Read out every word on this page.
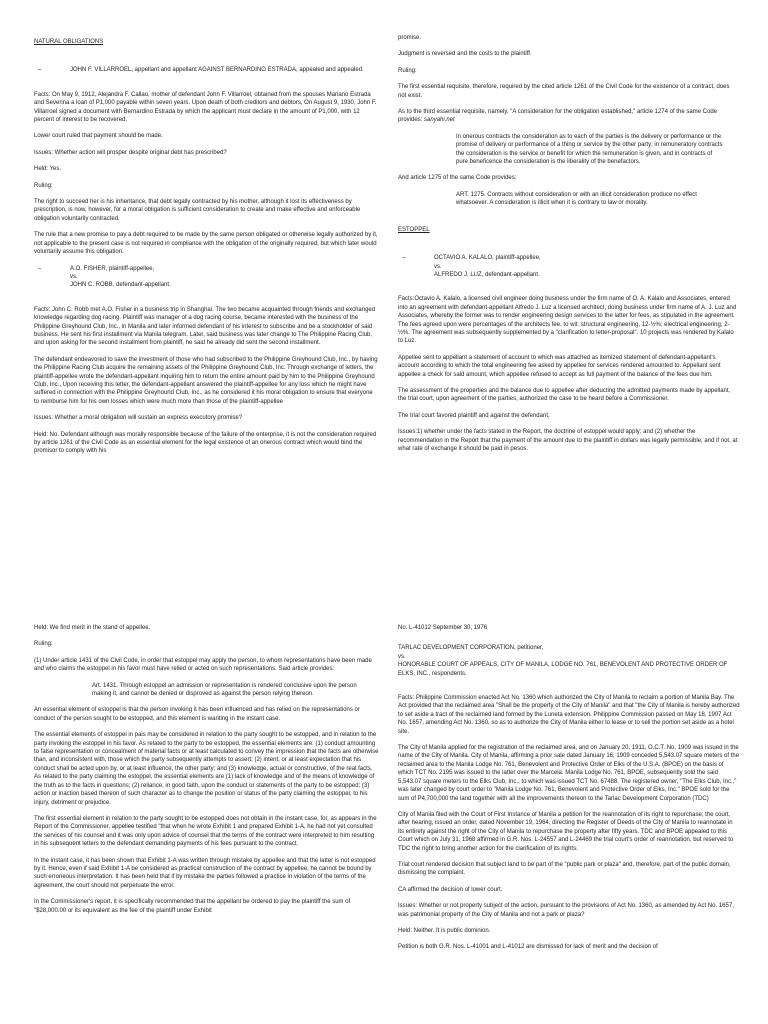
NATURAL OBLIGATIONS

–	JOHN F. VILLARROEL, appellant and appellant AGAINST BERNARDINO ESTRADA, appealed and appealed.

Facts: On May 9, 1912, Alejandra F. Callao, mother of defendant John F. Villarroel, obtained from the spouses Mariano Estrada and Severina a loan of P1,000 payable within seven years. Upon death of both creditors and debtors, On August 9, 1930, John F. Villarroel signed a document with Bernardino Estrada by which the applicant must declare in the amount of P1,000, with 12 percent of interest to be recovered.

Lower court ruled that payment should be made.

Issues: Whether action will prosper despite original debt has prescribed?

Held: Yes.

Ruling:

The right to succeed her is his inheritance, that debt legally contracted by his mother, although it lost its effectiveness by prescription, is now, however, for a moral obligation is sufficient consideration to create and make effective and enforceable obligation voluntarily contracted.

The rule that a new promise to pay a debt required to be made by the same person obligated or otherwise legally authorized by it, not applicable to the present case is not required in compliance with the obligation of the originally required, but which later would voluntarily assume this obligation.

–	A.O. FISHER, plaintiff-appellee,
vs.
JOHN C. ROBB, defendant-appellant.

Facts: John C. Robb met A.O. Fisher in a business trip in Shanghai. The two became acquainted through friends and exchanged knowledge regarding dog racing. Plaintiff was manager of a dog racing course, became interested with the business of the Philippine Greyhound Club, Inc., in Manila and later informed defendant of his interest to subscribe and be a stockholder of said business. He sent his first installment via Manila telegram. Later, said business was later change to The Philippine Racing Club, and upon asking for the second installment from plaintiff, he said he already did sent the second installment.

The defendant endeavored to save the investment of those who had subscribed to the Philippine Greyhound Club, Inc., by having the Philippine Racing Club acquire the remaining assets of the Philippine Greyhound Club, Inc. Through exchange of letters, the plaintiff-appellee wrote the defendant-appellant inquiring him to return the entire amount paid by him to the Philippine Greyhound Club, Inc., Upon receiving this letter, the defendant-appellant answered the plaintiff-appellee for any loss which he might have suffered in connection with the Philippine Greyhound Club, Inc., as he considered it his moral obligation to ensure that everyone to reimburse him for his own losses which were much more than those of the plaintiff-appellee

Issues: Whether a moral obligation will sustain an express executory promise?

Held: No. Defendant although was morally responsible because of the failure of the enterprise, it is not the consideration required by article 1261 of the Civil Code as an essential element for the legal existence of an onerous contract which would bind the promisor to comply with his

promise.

Judgment is reversed and the costs to the plaintiff.

Ruling:

The first essential requisite, therefore, required by the cited article 1261 of the Civil Code for the existence of a contract, does not exist.

As to the third essential requisite, namely, "A consideration for the obligation established," article 1274 of the same Code provides: sanyahi.net

In onerous contracts the consideration as to each of the parties is the delivery or performance or the promise of delivery or performance of a thing or service by the other party; in remuneratory contracts the consideration is the service or benefit for which the remuneration is given, and in contracts of pure beneficence the consideration is the liberality of the benefactors.

And article 1275 of the same Code provides:

ART. 1275. Contracts without consideration or with an illicit consideration produce no effect whatsoever. A consideration is illicit when it is contrary to law or morality.

ESTOPPEL

–	OCTAVIO A. KALALO, plaintiff-appellee,
vs.
ALFREDO J. LUZ, defendant-appellant.

Facts:Octavio A. Kalalo, a licensed civil engineer doing business under the firm name of O. A. Kalalo and Associates, entered into an agreement with defendant-appellant Alfredo J. Luz a licensed architect, doing business under firm name of A. J. Luz and Associates, whereby the former was to render engineering design services to the latter for fees, as stipulated in the agreement. The fees agreed upon were percentages of the architects fee, to wit: structural engineering, 12-½%; electrical engineering, 2-½%. The agreement was subsequently supplemented by a "clarification to letter-proposal". 10 projects was rendered by Kalalo to Luz.

Appellee sent to appellant a statement of account to which was attached as itemized statement of defendant-appellant's account according to which the total engineering fee asked by appellee for services rendered amounted to. Appellant sent appellee a check for said amount, which appellee refused to accept as full payment of the balance of the fees due him.

The assessment of the properties and the balance due to appellee after deducting the admitted payments made by appellant, the trial court, upon agreement of the parties, authorized the case to be heard before a Commissioner.

The trial court favored plaintiff and against the defendant,

Issues:1) whether under the facts stated in the Report, the doctrine of estoppel would apply; and (2) whether the recommendation in the Report that the payment of the amount due to the plaintiff in dollars was legally permissible, and if not, at what rate of exchange it should be paid in pesos.

Held: We find merit in the stand of appellee.

Ruling:

(1) Under article 1431 of the Civil Code, in order that estoppel may apply the person, to whom representations have been made and who claims the estoppel in his favor must have relied or acted on such representations. Said article provides:

Art. 1431. Through estoppel an admission or representation is rendered conclusive upon the person making it, and cannot be denied or disproved as against the person relying thereon.

An essential element of estoppel is that the person invoking it has been influenced and has relied on the representations or conduct of the person sought to be estopped, and this element is wanting in the instant case.

The essential elements of estoppel in pais may be considered in relation to the party sought to be estopped, and in relation to the party invoking the estoppel in his favor. As related to the party to be estopped, the essential elements are: (1) conduct amounting to false representation or concealment of material facts or at least calculated to convey the impression that the facts are otherwise than, and inconsistent with, those which the party subsequently attempts to assert; (2) intent, or at least expectation that his conduct shall be acted upon by, or at least influence, the other party; and (3) knowledge, actual or constructive, of the real facts. As related to the party claiming the estoppel, the essential elements are (1) lack of knowledge and of the means of knowledge of the truth as to the facts in questions; (2) reliance, in good faith, upon the conduct or statements of the party to be estopped; (3) action or inaction based thereon of such character as to change the position or status of the party claiming the estoppel, to his injury, detriment or prejudice.

The first essential element in relation to the party sought to be estopped does not obtain in the instant case, for, as appears in the Report of the Commissioner, appellee testified "that when he wrote Exhibit 1 and prepared Exhibit 1-A, he had not yet consulted the services of his counsel and it was only upon advice of counsel that the terms of the contract were interpreted to him resulting in his subsequent letters to the defendant demanding payments of his fees pursuant to the contract.

In the instant case, it has been shown that Exhibit 1-A was written through mistake by appellee and that the latter is not estopped by it. Hence, even if said Exhibit 1-A be considered as practical construction of the contract by appellee, he cannot be bound by such erroneous interpretation. It has been held that if by mistake the parties followed a practice in violation of the terms of the agreement, the court should not perpetuate the error.

In the Commissioner's report, it is specifically recommended that the appellant be ordered to pay the plaintiff the sum of "$28,000.00 or its equivalent as the fee of the plaintiff under Exhibit

No. L-41012 September 30, 1976

TARLAC DEVELOPMENT CORPORATION, petitioner,
vs.
HONORABLE COURT OF APPEALS, CITY OF MANILA, LODGE NO. 761, BENEVOLENT AND PROTECTIVE ORDER OF ELKS, INC., respondents.

Facts: Philippine Commission enacted Act No. 1360 which authorized the City of Manila to reclaim a portion of Manila Bay. The Act provided that the reclaimed area "Shall be the property of the City of Manila" and that "the City of Manila is hereby authorized to set aside a tract of the reclaimed land formed by the Luneta extension. Philippine Commission passed on May 18, 1907 Act No. 1657, amending Act No. 1360, so as to authorize the City of Manila either to lease or to sell the portion set aside as a hotel site.

The City of Manila applied for the registration of the reclaimed area, and on January 20, 1911, O.C.T. No. 1909 was issued in the name of the City of Manila. City of Manila, affirming a prior sale dated January 16, 1909 conceded 5,543.07 square meters of the reclaimed area to the Manila Lodge No. 761, Benevolent and Protective Order of Elks of the U.S.A. (BPOE) on the basis of which TCT No. 2195 was issued to the latter over the Marcela. Manila Lodge No. 761, BPOE, subsequently sold the said 5,543.07 square meters to the Elks Club, Inc., to which was issued TCT No. 67488. The registered owner, "The Elks Club, Inc.," was later changed by court order to "Manila Lodge No. 761, Benevolent and Protective Order of Elks, Inc." BPOE sold for the sum of P4,700,000 the land together with all the improvements thereon to the Tarlac Development Corporation (TDC)

City of Manila filed with the Court of First Instance of Manila a petition for the reannotation of its right to repurchase; the court, after hearing, issued an order, dated November 19, 1964, directing the Register of Deeds of the City of Manila to reannotate in its entirety against the right of the City of Manila to repurchase the property after fifty years. TDC and BPOE appealed to this Court which on July 31, 1968 affirmed in G.R. Nos. L-24557 and L-24469 the trial court's order of reannotation, but reserved to TDC the right to bring another action for the clarification of its rights.

Trial court rendered decision that subject land to be part of the "public park or plaza" and, therefore, part of the public domain, dismissing the complaint.

CA affirmed the decision of lower court.

Issues: Whether or not property subject of the action, pursuant to the provisions of Act No. 1360, as amended by Act No. 1657, was patrimonial property of the City of Manila and not a park or plaza?

Held: Neither. It is public dominion.

Petition is both G.R. Nos. L-41001 and L-41012 are dismissed for lack of merit and the decision of
